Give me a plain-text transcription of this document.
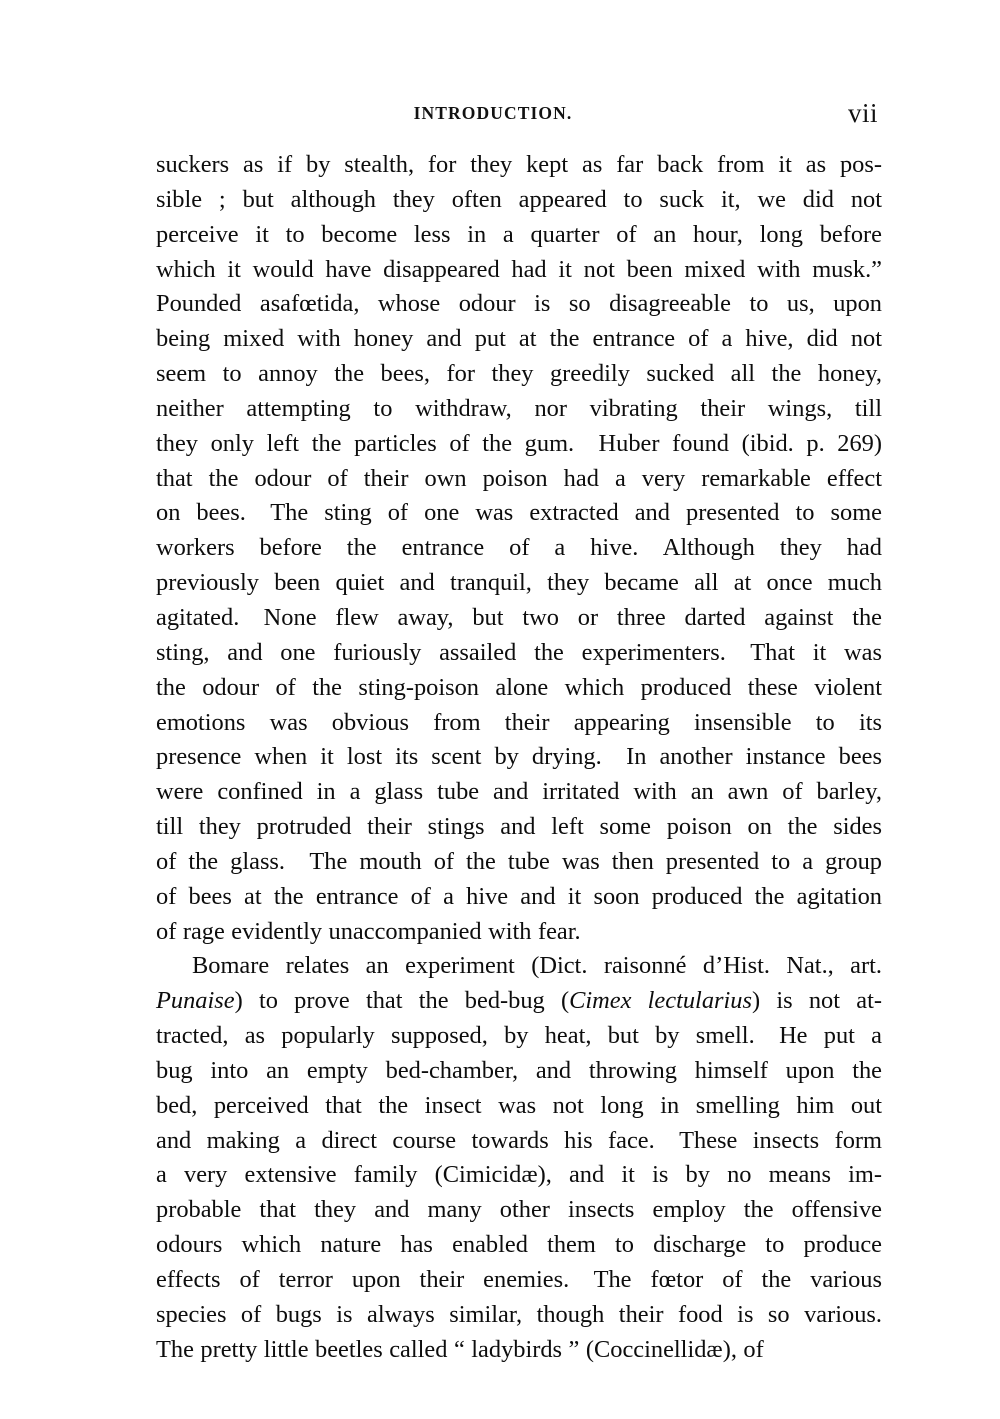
INTRODUCTION.	vii

suckers as if by stealth, for they kept as far back from it as pos-
sible ; but although they often appeared to suck it, we did not
perceive it to become less in a quarter of an hour, long before
which it would have disappeared had it not been mixed with musk.”
Pounded asafœtida, whose odour is so disagreeable to us, upon
being mixed with honey and put at the entrance of a hive, did not
seem to annoy the bees, for they greedily sucked all the honey,
neither attempting to withdraw, nor vibrating their wings, till
they only left the particles of the gum. Huber found (ibid. p. 269)
that the odour of their own poison had a very remarkable effect
on bees. The sting of one was extracted and presented to some
workers before the entrance of a hive. Although they had
previously been quiet and tranquil, they became all at once much
agitated. None flew away, but two or three darted against the
sting, and one furiously assailed the experimenters. That it was
the odour of the sting-poison alone which produced these violent
emotions was obvious from their appearing insensible to its
presence when it lost its scent by drying. In another instance bees
were confined in a glass tube and irritated with an awn of barley,
till they protruded their stings and left some poison on the sides
of the glass. The mouth of the tube was then presented to a group
of bees at the entrance of a hive and it soon produced the agitation
of rage evidently unaccompanied with fear.

Bomare relates an experiment (Dict. raisonné d’Hist. Nat., art.
Punaise) to prove that the bed-bug (Cimex lectularius) is not at-
tracted, as popularly supposed, by heat, but by smell. He put a
bug into an empty bed-chamber, and throwing himself upon the
bed, perceived that the insect was not long in smelling him out
and making a direct course towards his face. These insects form
a very extensive family (Cimicidæ), and it is by no means im-
probable that they and many other insects employ the offensive
odours which nature has enabled them to discharge to produce
effects of terror upon their enemies. The fœtor of the various
species of bugs is always similar, though their food is so various.
The pretty little beetles called “ ladybirds ” (Coccinellidæ), of
